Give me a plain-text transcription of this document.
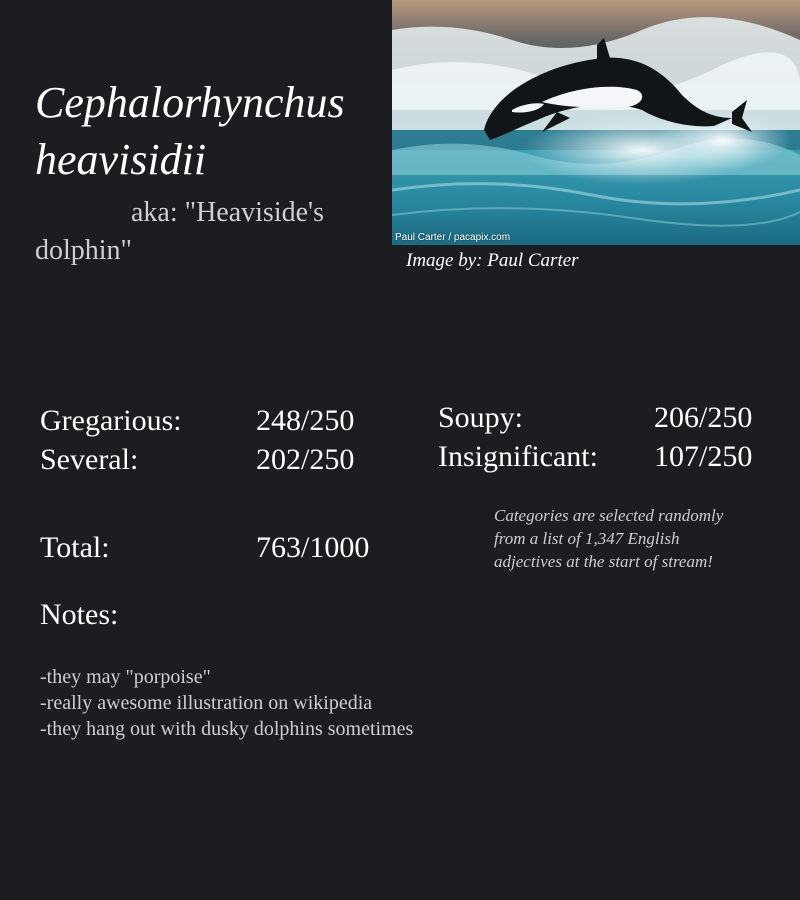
Cephalorhynchus heavisidii

aka: "Heaviside's dolphin"	Paul Carter / pacapix.com
Image by: Paul Carter
Gregarious: 248/250
Several:	202/250
Soupy:	206/250
Insignificant: 107/250
Total:	763/1000
Categories are selected randomly from a list of 1,347 English adjectives at the start of stream!
Notes:
-they may "porpoise"
-really awesome illustration on wikipedia
-they hang out with dusky dolphins sometimes
